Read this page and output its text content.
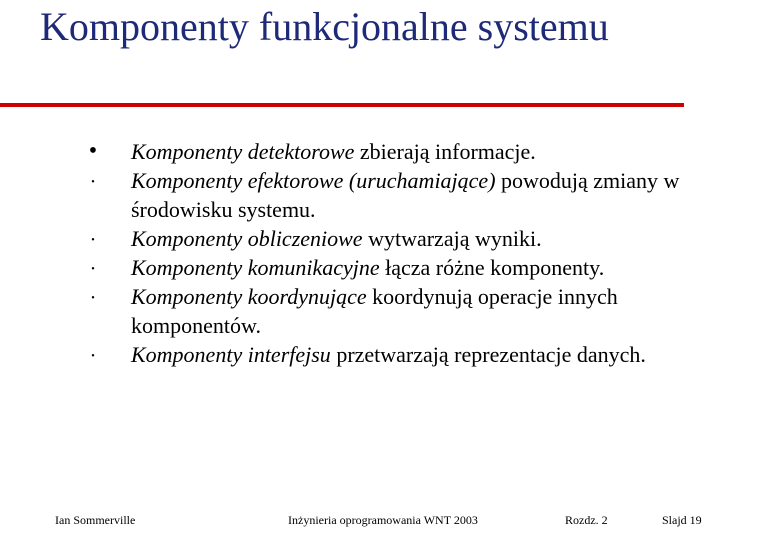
Komponenty funkcjonalne systemu
• Komponenty detektorowe zbierają informacje.
• Komponenty efektorowe (uruchamiające) powodują zmiany w środowisku systemu.
• Komponenty obliczeniowe wytwarzają wyniki.
• Komponenty komunikacyjne łącza różne komponenty.
• Komponenty koordynujące koordynują operacje innych komponentów.
• Komponenty interfejsu przetwarzają reprezentacje danych.
Ian Sommerville	Inżynieria oprogramowania WNT 2003	Rozdz. 2	Slajd 19
